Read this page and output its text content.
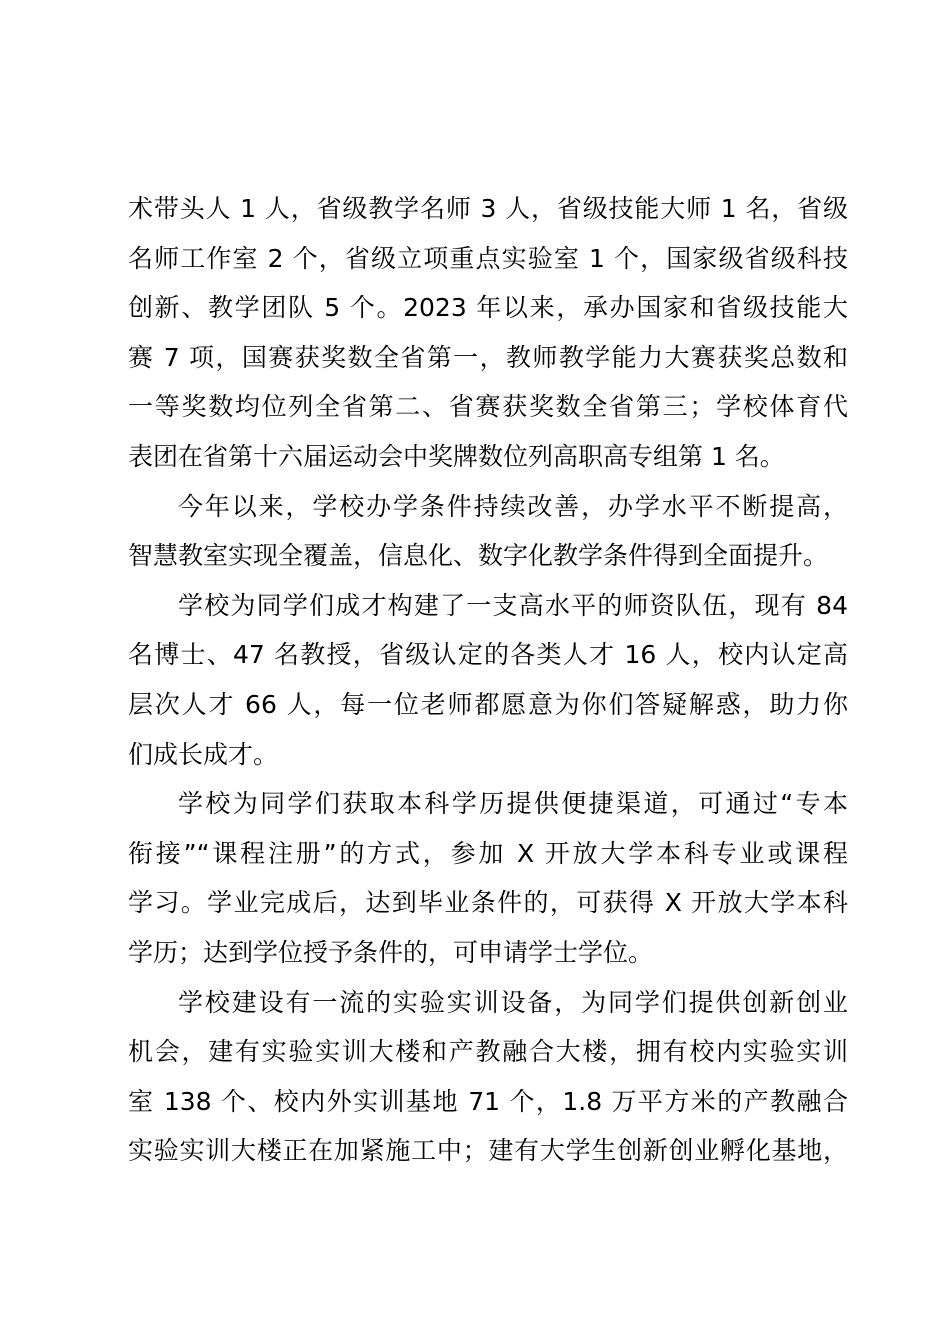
术带头人 1 人，省级教学名师 3 人，省级技能大师 1 名，省级
名师工作室 2 个，省级立项重点实验室 1 个，国家级省级科技
创新、教学团队 5 个。2023 年以来，承办国家和省级技能大
赛 7 项，国赛获奖数全省第一，教师教学能力大赛获奖总数和
一等奖数均位列全省第二、省赛获奖数全省第三；学校体育代
表团在省第十六届运动会中奖牌数位列高职高专组第 1 名。
今年以来，学校办学条件持续改善，办学水平不断提高，
智慧教室实现全覆盖，信息化、数字化教学条件得到全面提升。
学校为同学们成才构建了一支高水平的师资队伍，现有 84
名博士、47 名教授，省级认定的各类人才 16 人，校内认定高
层次人才 66 人，每一位老师都愿意为你们答疑解惑，助力你
们成长成才。
学校为同学们获取本科学历提供便捷渠道，可通过“专本
衔接”“课程注册”的方式，参加 X 开放大学本科专业或课程
学习。学业完成后，达到毕业条件的，可获得 X 开放大学本科
学历；达到学位授予条件的，可申请学士学位。
学校建设有一流的实验实训设备，为同学们提供创新创业
机会，建有实验实训大楼和产教融合大楼，拥有校内实验实训
室 138 个、校内外实训基地 71 个，1.8 万平方米的产教融合
实验实训大楼正在加紧施工中；建有大学生创新创业孵化基地，
